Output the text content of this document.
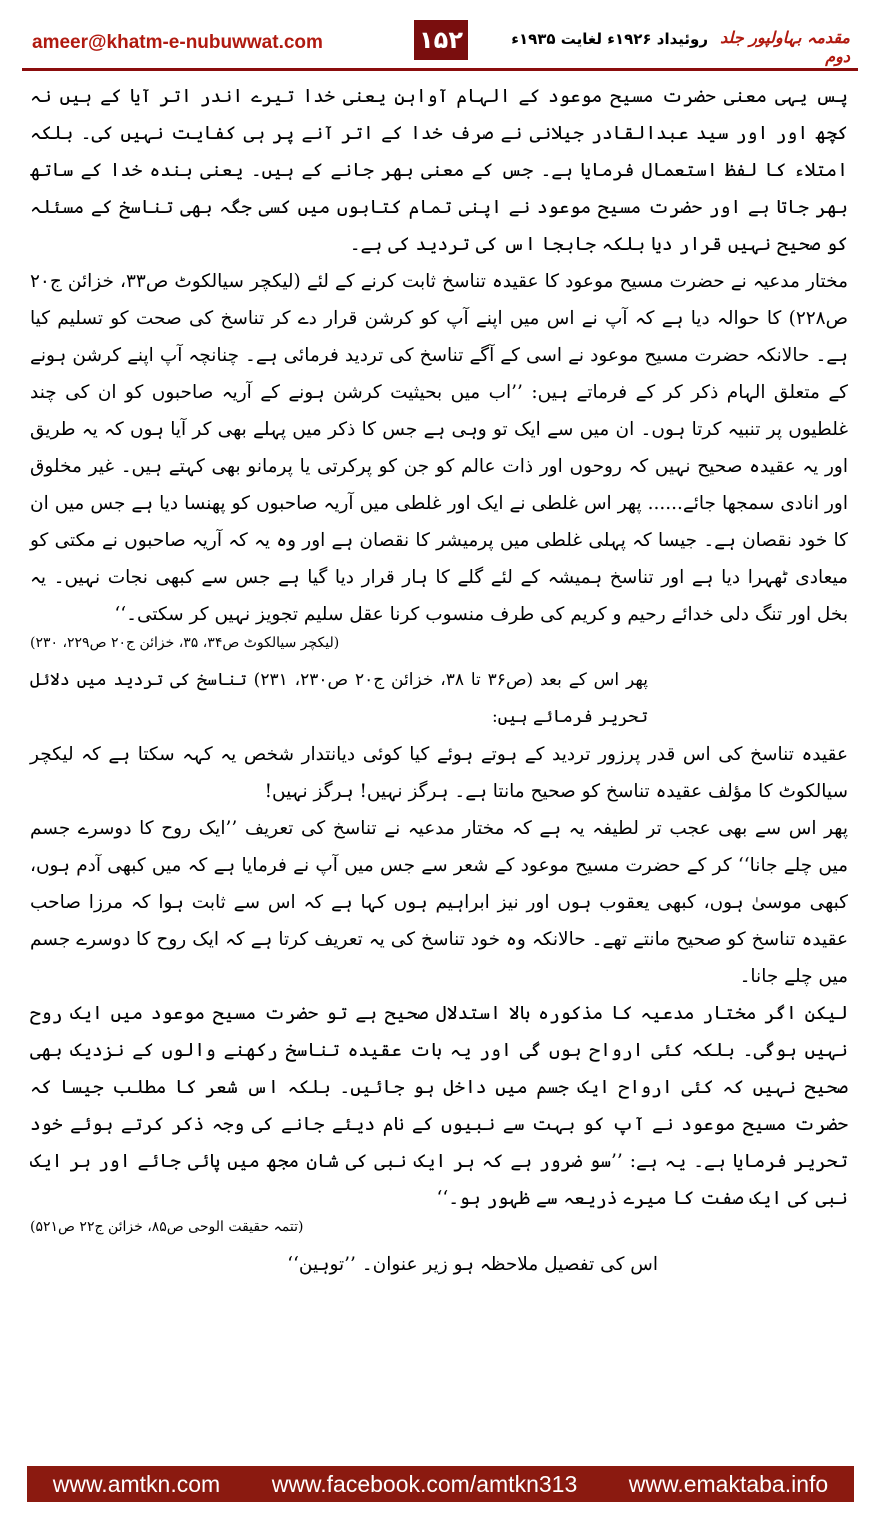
ameer@khatm-e-nubuwwat.com	۱۵۲	روئیداد ۱۹۲۶ء لغایت ۱۹۳۵ء مقدمہ بہاولپور جلد دوم

پس یہی معنی حضرت مسیح موعود کے الہام آواہن یعنی خدا تیرے اندر اتر آیا کے ہیں نہ کچھ اور اور سید عبدالقادر جیلانی نے صرف خدا کے اتر آنے پر ہی کفایت نہیں کی۔ بلکہ امتلاء کا لفظ استعمال فرمایا ہے۔ جس کے معنی بھر جانے کے ہیں۔ یعنی بندہ خدا کے ساتھ بھر جاتا ہے اور حضرت مسیح موعود نے اپنی تمام کتابوں میں کسی جگہ بھی تناسخ کے مسئلہ کو صحیح نہیں قرار دیا بلکہ جابجا اس کی تردید کی ہے۔

مختار مدعیہ نے حضرت مسیح موعود کا عقیدہ تناسخ ثابت کرنے کے لئے (لیکچر سیالکوٹ ص۳۳، خزائن ج۲۰ ص۲۲۸) کا حوالہ دیا ہے کہ آپ نے اس میں اپنے آپ کو کرشن قرار دے کر تناسخ کی صحت کو تسلیم کیا ہے۔ حالانکہ حضرت مسیح موعود نے اسی کے آگے تناسخ کی تردید فرمائی ہے۔ چنانچہ آپ اپنے کرشن ہونے کے متعلق الہام ذکر کر کے فرماتے ہیں: ’’اب میں بحیثیت کرشن ہونے کے آریہ صاحبوں کو ان کی چند غلطیوں پر تنبیہ کرتا ہوں۔ ان میں سے ایک تو وہی ہے جس کا ذکر میں پہلے بھی کر آیا ہوں کہ یہ طریق اور یہ عقیدہ صحیح نہیں کہ روحوں اور ذات عالم کو جن کو پرکرتی یا پرمانو بھی کہتے ہیں۔ غیر مخلوق اور انادی سمجھا جائے...... پھر اس غلطی نے ایک اور غلطی میں آریہ صاحبوں کو پھنسا دیا ہے جس میں ان کا خود نقصان ہے۔ جیسا کہ پہلی غلطی میں پرمیشر کا نقصان ہے اور وہ یہ کہ آریہ صاحبوں نے مکتی کو میعادی ٹھہرا دیا ہے اور تناسخ ہمیشہ کے لئے گلے کا ہار قرار دیا گیا ہے جس سے کبھی نجات نہیں۔ یہ بخل اور تنگ دلی خدائے رحیم و کریم کی طرف منسوب کرنا عقل سلیم تجویز نہیں کر سکتی۔‘‘

(لیکچر سیالکوٹ ص۳۴، ۳۵، خزائن ج۲۰ ص۲۲۹، ۲۳۰)

پھر اس کے بعد (ص۳۶ تا ۳۸، خزائن ج۲۰ ص۲۳۰، ۲۳۱) تناسخ کی تردید میں دلائل تحریر فرمائے ہیں:

عقیدہ تناسخ کی اس قدر پرزور تردید کے ہوتے ہوئے کیا کوئی دیانتدار شخص یہ کہہ سکتا ہے کہ لیکچر سیالکوٹ کا مؤلف عقیدہ تناسخ کو صحیح مانتا ہے۔ ہرگز نہیں! ہرگز نہیں!

پھر اس سے بھی عجب تر لطیفہ یہ ہے کہ مختار مدعیہ نے تناسخ کی تعریف ’’ایک روح کا دوسرے جسم میں چلے جانا‘‘ کر کے حضرت مسیح موعود کے شعر سے جس میں آپ نے فرمایا ہے کہ میں کبھی آدم ہوں، کبھی موسیٰ ہوں، کبھی یعقوب ہوں اور نیز ابراہیم ہوں کہا ہے کہ اس سے ثابت ہوا کہ مرزا صاحب عقیدہ تناسخ کو صحیح مانتے تھے۔ حالانکہ وہ خود تناسخ کی یہ تعریف کرتا ہے کہ ایک روح کا دوسرے جسم میں چلے جانا۔

لیکن اگر مختار مدعیہ کا مذکورہ بالا استدلال صحیح ہے تو حضرت مسیح موعود میں ایک روح نہیں ہوگی۔ بلکہ کئی ارواح ہوں گی اور یہ بات عقیدہ تناسخ رکھنے والوں کے نزدیک بھی صحیح نہیں کہ کئی ارواح ایک جسم میں داخل ہو جائیں۔ بلکہ اس شعر کا مطلب جیسا کہ حضرت مسیح موعود نے آپ کو بہت سے نبیوں کے نام دیئے جانے کی وجہ ذکر کرتے ہوئے خود تحریر فرمایا ہے۔ یہ ہے: ’’سو ضرور ہے کہ ہر ایک نبی کی شان مجھ میں پائی جائے اور ہر ایک نبی کی ایک صفت کا میرے ذریعہ سے ظہور ہو۔‘‘

(تتمہ حقیقت الوحی ص۸۵، خزائن ج۲۲ ص۵۲۱)

اس کی تفصیل ملاحظہ ہو زیر عنوان۔ ’’توہین‘‘

www.amtkn.com www.facebook.com/amtkn313 www.emaktaba.info
